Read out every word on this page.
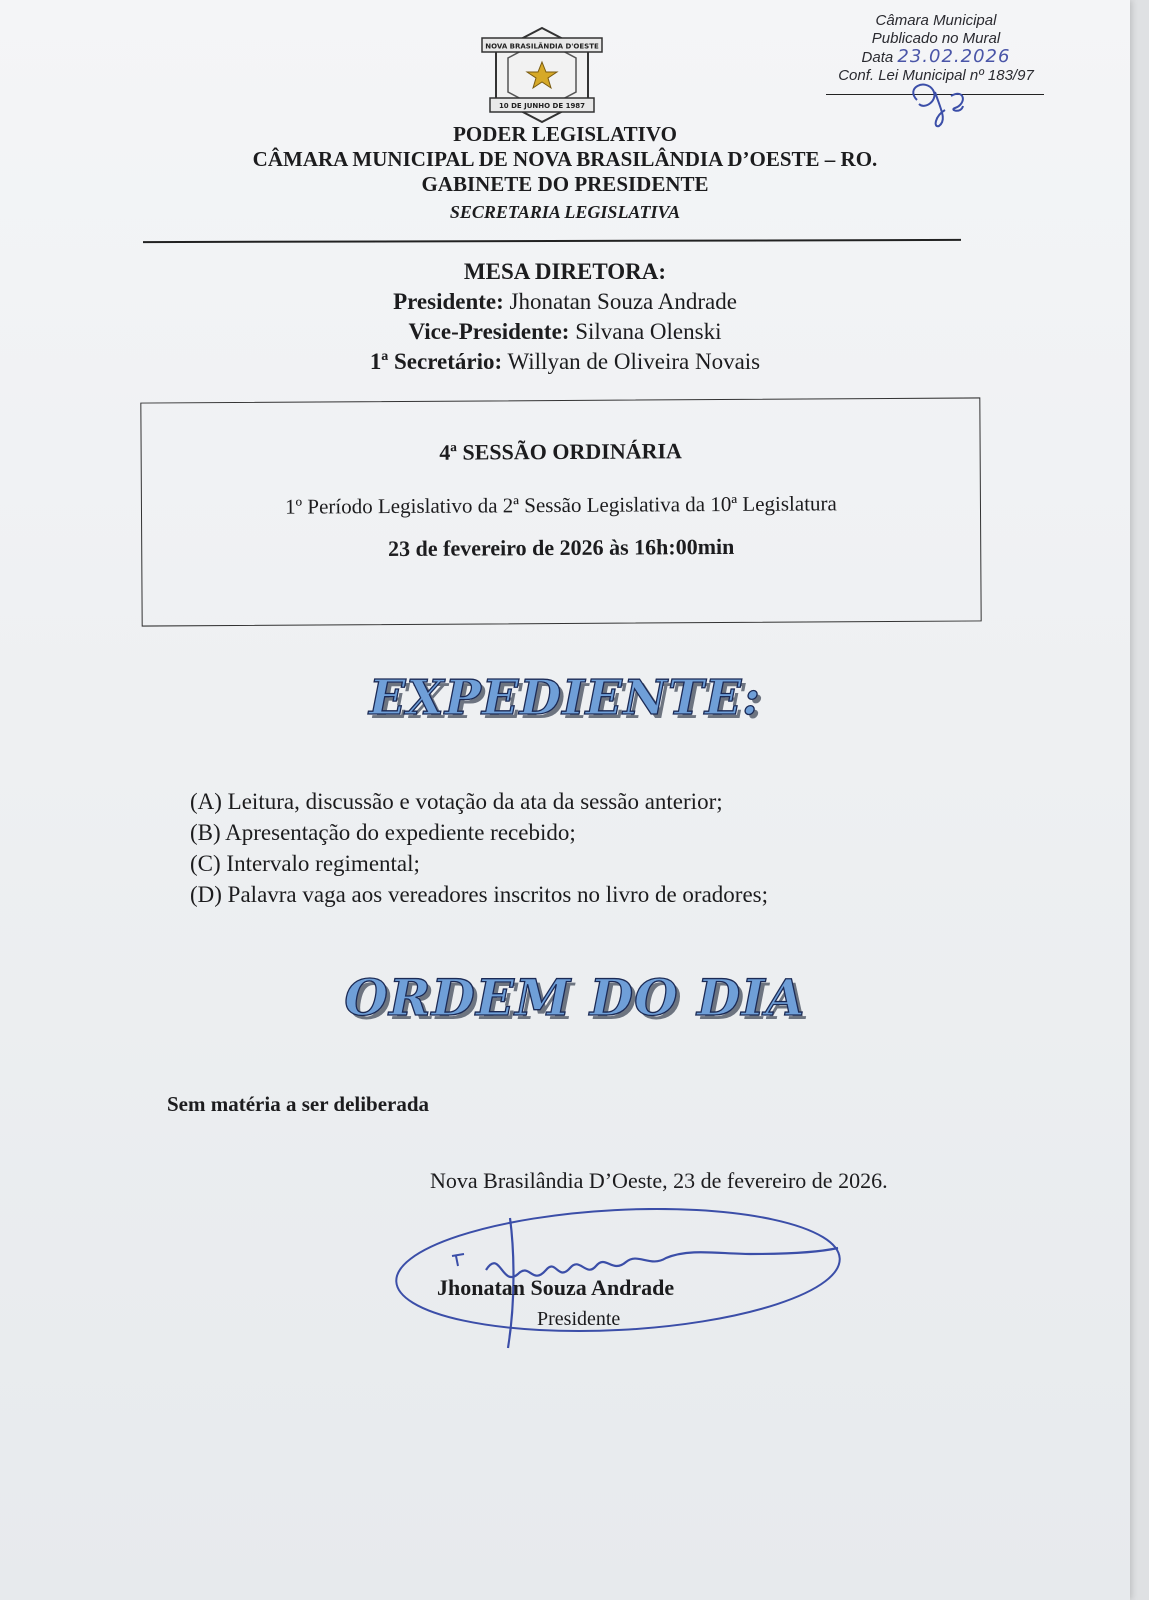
NOVA BRASILÂNDIA D'OESTE
10 DE JUNHO DE 1987
Câmara Municipal
Publicado no Mural
Data 23.02.2026
Conf. Lei Municipal nº 183/97
PODER LEGISLATIVO
CÂMARA MUNICIPAL DE NOVA BRASILÂNDIA D’OESTE – RO.
GABINETE DO PRESIDENTE
SECRETARIA LEGISLATIVA
MESA DIRETORA:
Presidente: Jhonatan Souza Andrade
Vice-Presidente: Silvana Olenski
1ª Secretário: Willyan de Oliveira Novais
4ª SESSÃO ORDINÁRIA
1º Período Legislativo da 2ª Sessão Legislativa da 10ª Legislatura
23 de fevereiro de 2026 às 16h:00min
EXPEDIENTE:
(A) Leitura, discussão e votação da ata da sessão anterior;
(B) Apresentação do expediente recebido;
(C) Intervalo regimental;
(D) Palavra vaga aos vereadores inscritos no livro de oradores;
ORDEM DO DIA
Sem matéria a ser deliberada
Nova Brasilândia D’Oeste, 23 de fevereiro de 2026.
Jhonatan Souza Andrade
Presidente
